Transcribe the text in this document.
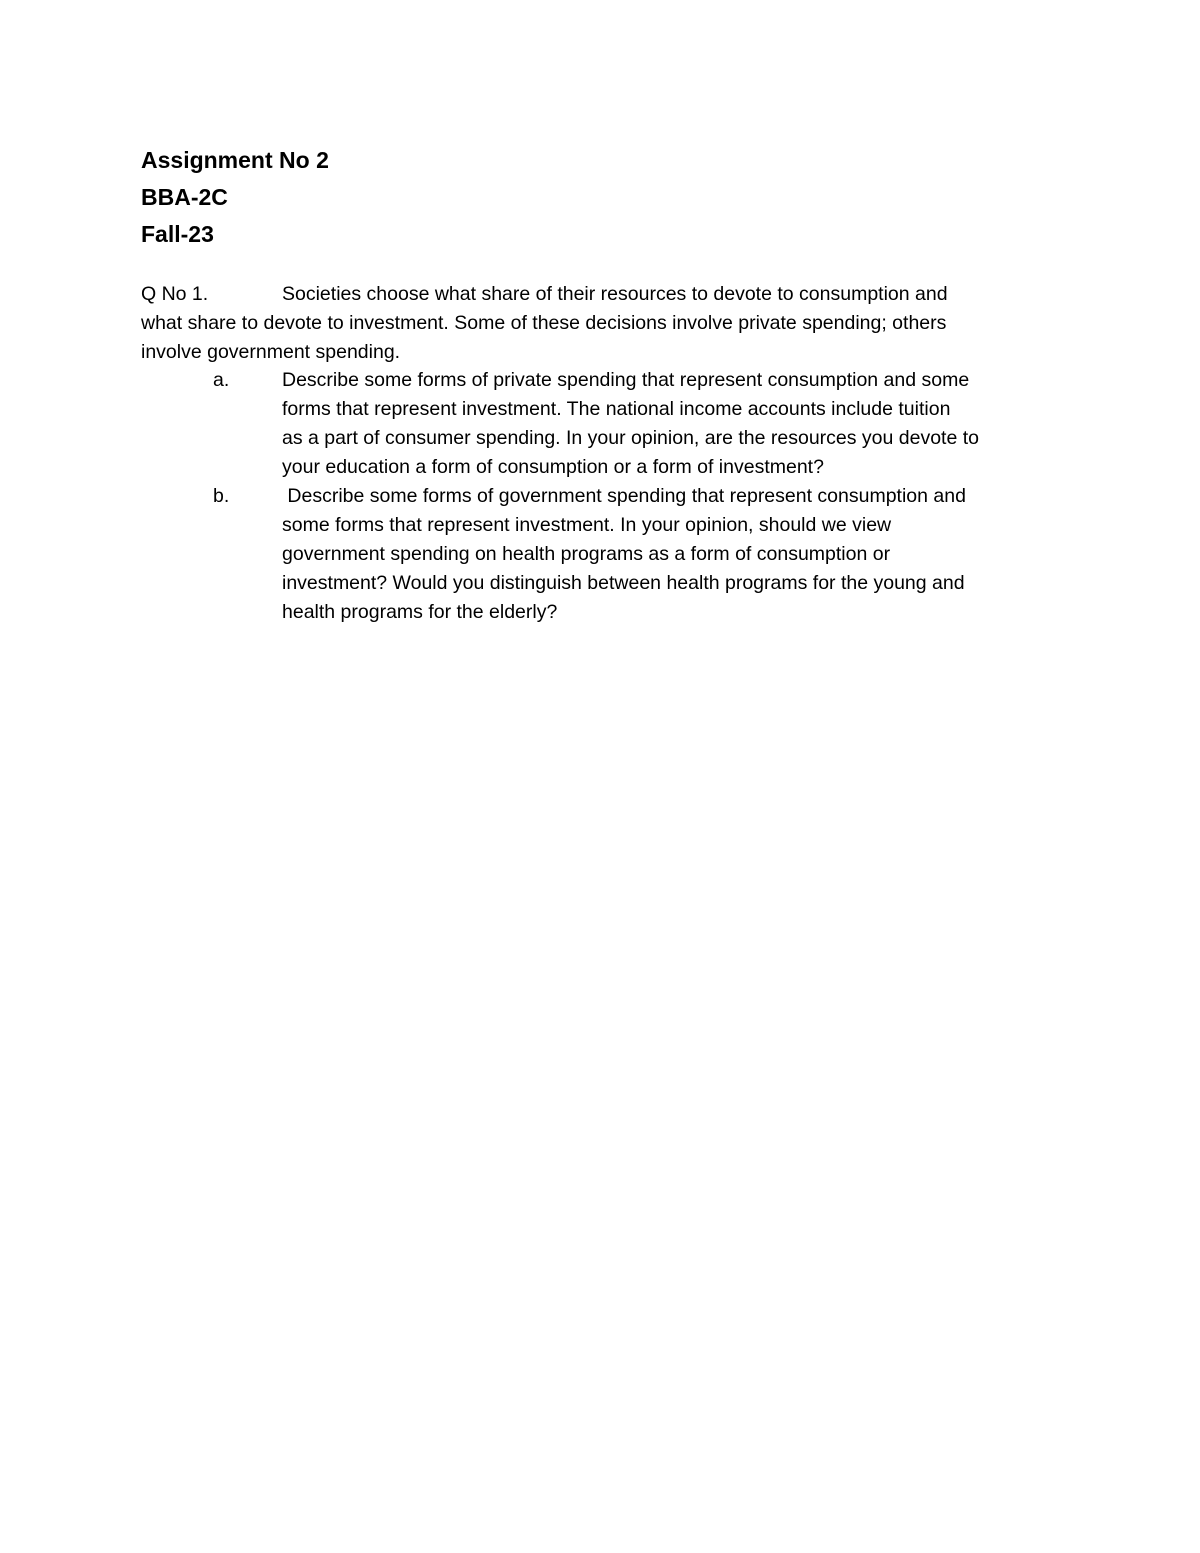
Assignment No 2
BBA-2C
Fall-23
Q No 1.	Societies choose what share of their resources to devote to consumption and
what share to devote to investment. Some of these decisions involve private spending; others
involve government spending.
a.	Describe some forms of private spending that represent consumption and some
forms that represent investment. The national income accounts include tuition
as a part of consumer spending. In your opinion, are the resources you devote to
your education a form of consumption or a form of investment?
b.	Describe some forms of government spending that represent consumption and
some forms that represent investment. In your opinion, should we view
government spending on health programs as a form of consumption or
investment? Would you distinguish between health programs for the young and
health programs for the elderly?
